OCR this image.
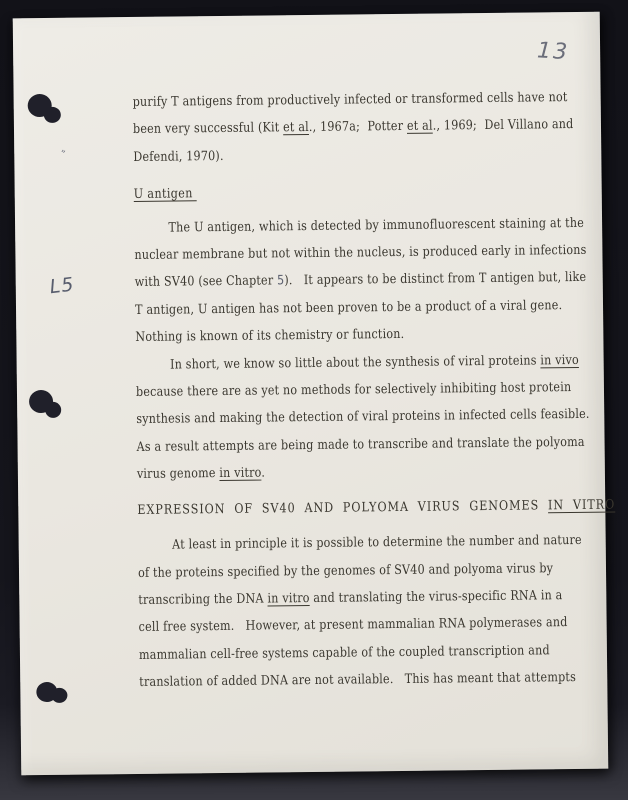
13
ʺ
L5
purify T antigens from productively infected or transformed cells have not
been very successful (Kit et al., 1967a;  Potter et al., 1969;  Del Villano and
Defendi, 1970).
U antigen
The U antigen, which is detected by immunofluorescent staining at the
nuclear membrane but not within the nucleus, is produced early in infections
with SV40 (see Chapter 5).   It appears to be distinct from T antigen but, like
T antigen, U antigen has not been proven to be a product of a viral gene.
Nothing is known of its chemistry or function.
In short, we know so little about the synthesis of viral proteins in vivo
because there are as yet no methods for selectively inhibiting host protein
synthesis and making the detection of viral proteins in infected cells feasible.
As a result attempts are being made to transcribe and translate the polyoma
virus genome in vitro.
EXPRESSION OF SV40 AND POLYOMA VIRUS GENOMES IN VITRO
At least in principle it is possible to determine the number and nature
of the proteins specified by the genomes of SV40 and polyoma virus by
transcribing the DNA in vitro and translating the virus-specific RNA in a
cell free system.   However, at present mammalian RNA polymerases and
mammalian cell-free systems capable of the coupled transcription and
translation of added DNA are not available.   This has meant that attempts
